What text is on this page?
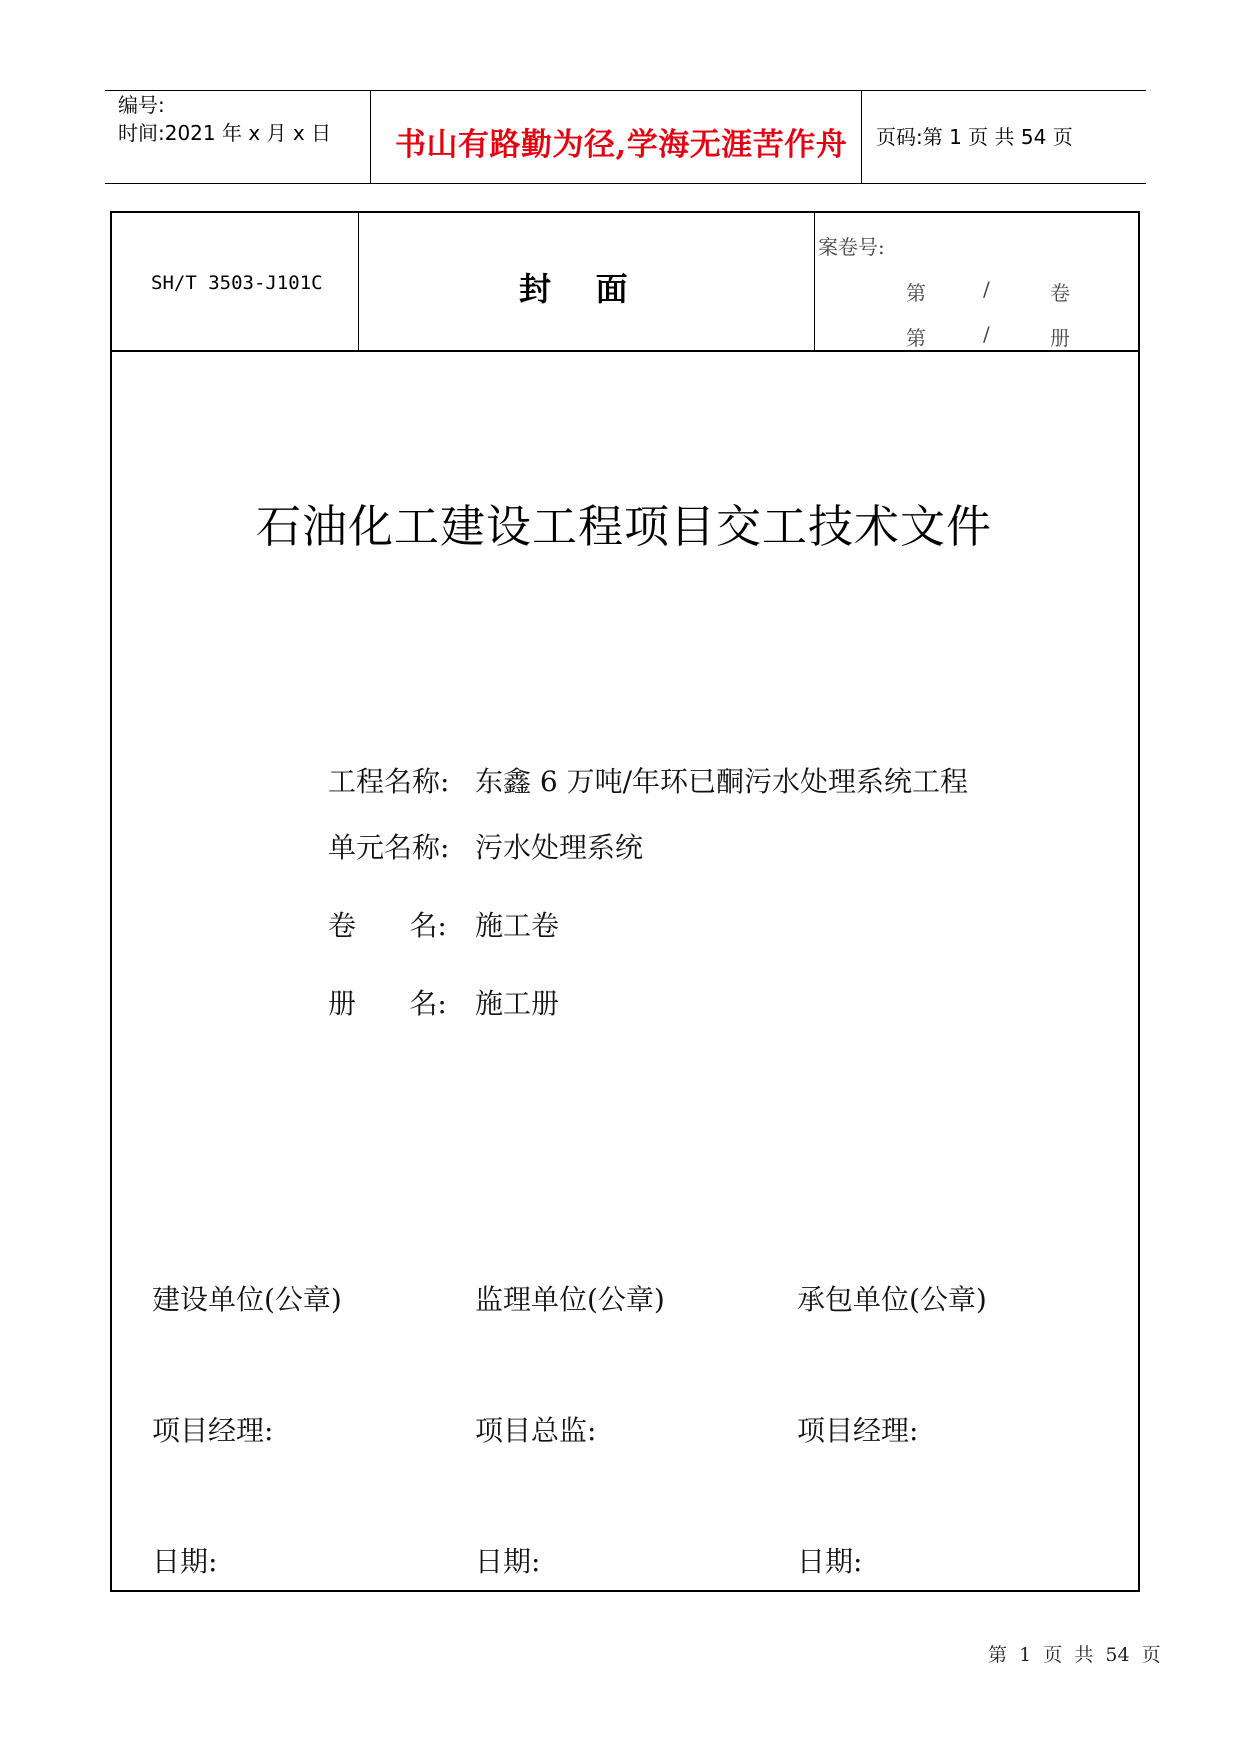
编号:
时间:2021 年 x 月 x 日 书山有路勤为径,学海无涯苦作舟 页码:第 1 页 共 54 页
SH/T 3503-J101C	封    面
案卷号:
第	/	卷
第	/	册
石油化工建设工程项目交工技术文件
工程名称: 东鑫 6 万吨/年环已酮污水处理系统工程
单元名称: 污水处理系统
卷      名: 施工卷
册      名: 施工册
建设单位(公章)	监理单位(公章)	承包单位(公章)
项目经理:	项目总监:	项目经理:
日期:	日期:	日期:
第  1  页  共  54  页
